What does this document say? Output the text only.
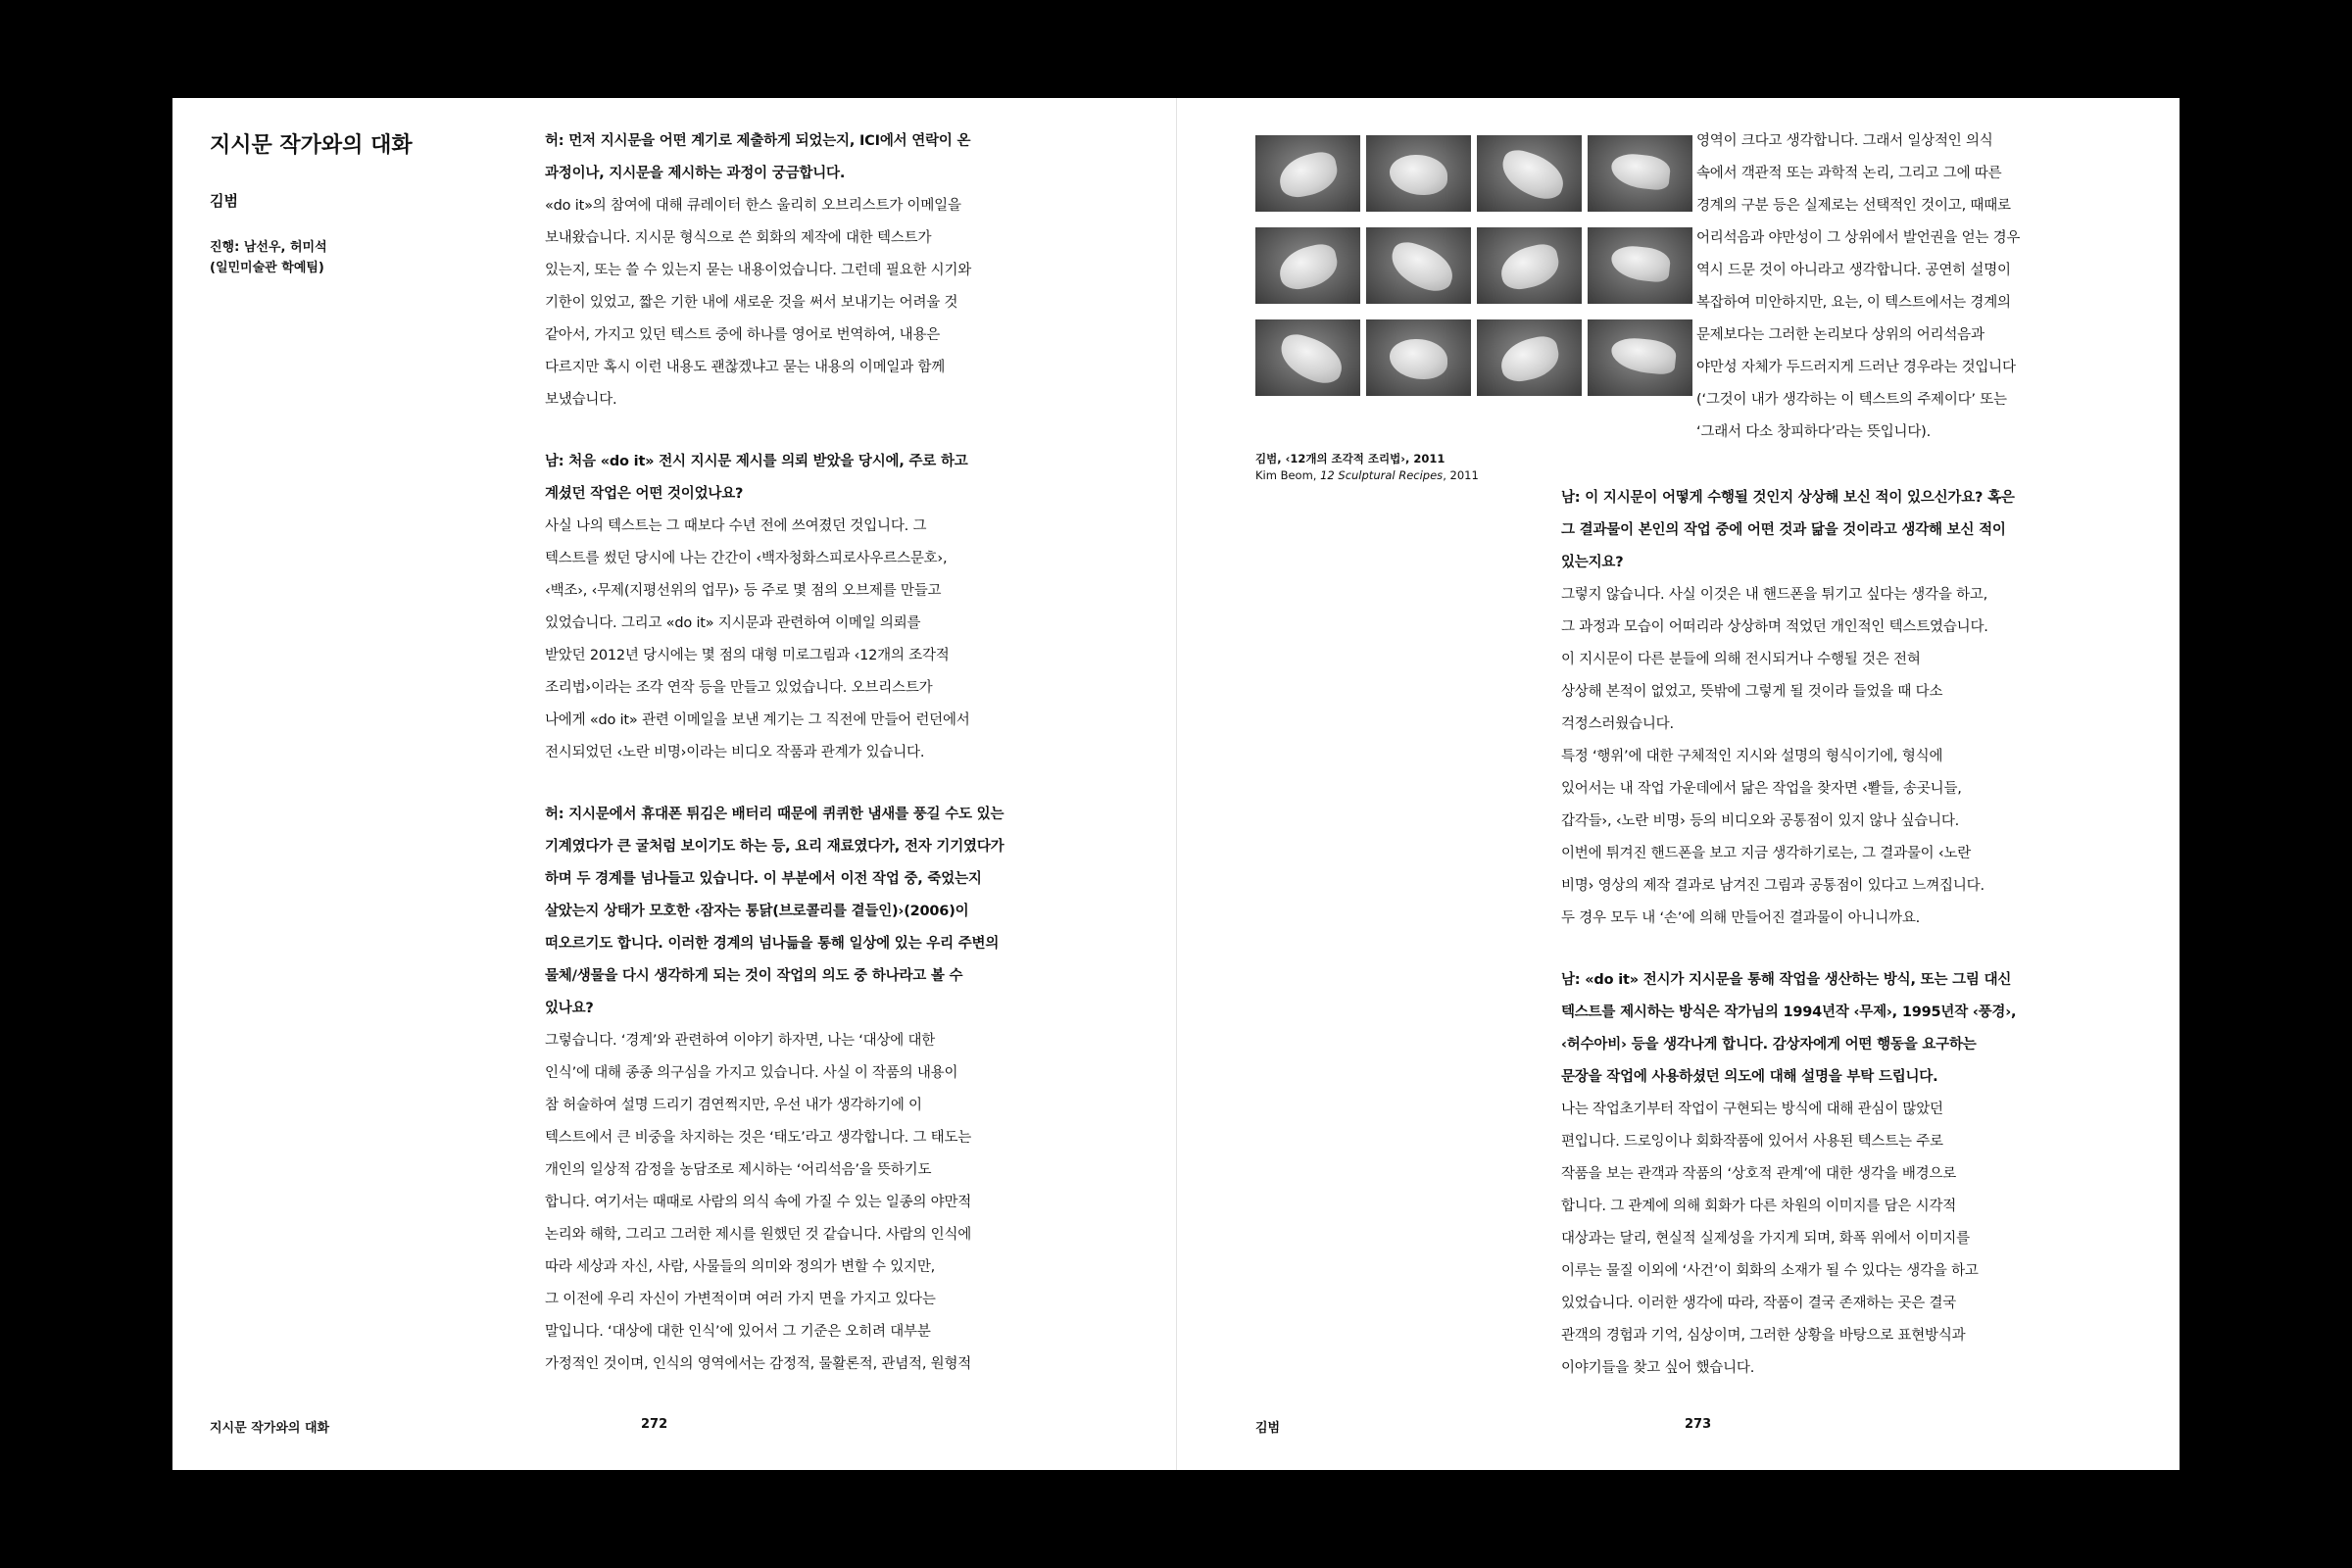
지시문 작가와의 대화
김범
진행: 남선우, 허미석
(일민미술관 학예팀)

허: 먼저 지시문을 어떤 계기로 제출하게 되었는지, ICI에서 연락이 온

과정이나, 지시문을 제시하는 과정이 궁금합니다.

«do it»의 참여에 대해 큐레이터 한스 울리히 오브리스트가 이메일을

보내왔습니다. 지시문 형식으로 쓴 회화의 제작에 대한 텍스트가

있는지, 또는 쓸 수 있는지 묻는 내용이었습니다. 그런데 필요한 시기와

기한이 있었고, 짧은 기한 내에 새로운 것을 써서 보내기는 어려울 것

같아서, 가지고 있던 텍스트 중에 하나를 영어로 번역하여, 내용은

다르지만 혹시 이런 내용도 괜찮겠냐고 묻는 내용의 이메일과 함께

보냈습니다.

남: 처음 «do it» 전시 지시문 제시를 의뢰 받았을 당시에, 주로 하고

계셨던 작업은 어떤 것이었나요?

사실 나의 텍스트는 그 때보다 수년 전에 쓰여졌던 것입니다. 그

텍스트를 썼던 당시에 나는 간간이 ‹백자청화스피로사우르스문호›,

‹백조›, ‹무제(지평선위의 업무)› 등 주로 몇 점의 오브제를 만들고

있었습니다. 그리고 «do it» 지시문과 관련하여 이메일 의뢰를

받았던 2012년 당시에는 몇 점의 대형 미로그림과 ‹12개의 조각적

조리법›이라는 조각 연작 등을 만들고 있었습니다. 오브리스트가

나에게 «do it» 관련 이메일을 보낸 계기는 그 직전에 만들어 런던에서

전시되었던 ‹노란 비명›이라는 비디오 작품과 관계가 있습니다.

허: 지시문에서 휴대폰 튀김은 배터리 때문에 퀴퀴한 냄새를 풍길 수도 있는

기계였다가 큰 굴처럼 보이기도 하는 등, 요리 재료였다가, 전자 기기였다가

하며 두 경계를 넘나들고 있습니다. 이 부분에서 이전 작업 중, 죽었는지

살았는지 상태가 모호한 ‹잠자는 통닭(브로콜리를 곁들인)›(2006)이

떠오르기도 합니다. 이러한 경계의 넘나듦을 통해 일상에 있는 우리 주변의

물체/생물을 다시 생각하게 되는 것이 작업의 의도 중 하나라고 볼 수

있나요?

그렇습니다. ‘경계’와 관련하여 이야기 하자면, 나는 ‘대상에 대한

인식’에 대해 종종 의구심을 가지고 있습니다. 사실 이 작품의 내용이

참 허술하여 설명 드리기 겸연쩍지만, 우선 내가 생각하기에 이

텍스트에서 큰 비중을 차지하는 것은 ‘태도’라고 생각합니다. 그 태도는

개인의 일상적 감정을 농담조로 제시하는 ‘어리석음’을 뜻하기도

합니다. 여기서는 때때로 사람의 의식 속에 가질 수 있는 일종의 야만적

논리와 해학, 그리고 그러한 제시를 원했던 것 같습니다. 사람의 인식에

따라 세상과 자신, 사람, 사물들의 의미와 정의가 변할 수 있지만,

그 이전에 우리 자신이 가변적이며 여러 가지 면을 가지고 있다는

말입니다. ‘대상에 대한 인식’에 있어서 그 기준은 오히려 대부분

가정적인 것이며, 인식의 영역에서는 감정적, 물활론적, 관념적, 원형적

지시문 작가와의 대화	272
김범, ‹12개의 조각적 조리법›, 2011
Kim Beom, 12 Sculptural Recipes, 2011

영역이 크다고 생각합니다. 그래서 일상적인 의식

속에서 객관적 또는 과학적 논리, 그리고 그에 따른

경계의 구분 등은 실제로는 선택적인 것이고, 때때로

어리석음과 야만성이 그 상위에서 발언권을 얻는 경우

역시 드문 것이 아니라고 생각합니다. 공연히 설명이

복잡하여 미안하지만, 요는, 이 텍스트에서는 경계의

문제보다는 그러한 논리보다 상위의 어리석음과

야만성 자체가 두드러지게 드러난 경우라는 것입니다

(‘그것이 내가 생각하는 이 텍스트의 주제이다’ 또는

‘그래서 다소 창피하다’라는 뜻입니다).

남: 이 지시문이 어떻게 수행될 것인지 상상해 보신 적이 있으신가요? 혹은

그 결과물이 본인의 작업 중에 어떤 것과 닮을 것이라고 생각해 보신 적이

있는지요?

그렇지 않습니다. 사실 이것은 내 핸드폰을 튀기고 싶다는 생각을 하고,

그 과정과 모습이 어떠리라 상상하며 적었던 개인적인 텍스트였습니다.

이 지시문이 다른 분들에 의해 전시되거나 수행될 것은 전혀

상상해 본적이 없었고, 뜻밖에 그렇게 될 것이라 들었을 때 다소

걱정스러웠습니다.

특정 ‘행위’에 대한 구체적인 지시와 설명의 형식이기에, 형식에

있어서는 내 작업 가운데에서 닮은 작업을 찾자면 ‹뽤들, 송곳니들,

갑각들›, ‹노란 비명› 등의 비디오와 공통점이 있지 않나 싶습니다.

이번에 튀겨진 핸드폰을 보고 지금 생각하기로는, 그 결과물이 ‹노란

비명› 영상의 제작 결과로 남겨진 그림과 공통점이 있다고 느껴집니다.

두 경우 모두 내 ‘손’에 의해 만들어진 결과물이 아니니까요.

남: «do it» 전시가 지시문을 통해 작업을 생산하는 방식, 또는 그림 대신

텍스트를 제시하는 방식은 작가님의 1994년작 ‹무제›, 1995년작 ‹풍경›,

‹허수아비› 등을 생각나게 합니다. 감상자에게 어떤 행동을 요구하는

문장을 작업에 사용하셨던 의도에 대해 설명을 부탁 드립니다.

나는 작업초기부터 작업이 구현되는 방식에 대해 관심이 많았던

편입니다. 드로잉이나 회화작품에 있어서 사용된 텍스트는 주로

작품을 보는 관객과 작품의 ‘상호적 관계’에 대한 생각을 배경으로

합니다. 그 관계에 의해 회화가 다른 차원의 이미지를 담은 시각적

대상과는 달리, 현실적 실제성을 가지게 되며, 화폭 위에서 이미지를

이루는 물질 이외에 ‘사건’이 회화의 소재가 될 수 있다는 생각을 하고

있었습니다. 이러한 생각에 따라, 작품이 결국 존재하는 곳은 결국

관객의 경험과 기억, 심상이며, 그러한 상황을 바탕으로 표현방식과

이야기들을 찾고 싶어 했습니다.

김범	273
